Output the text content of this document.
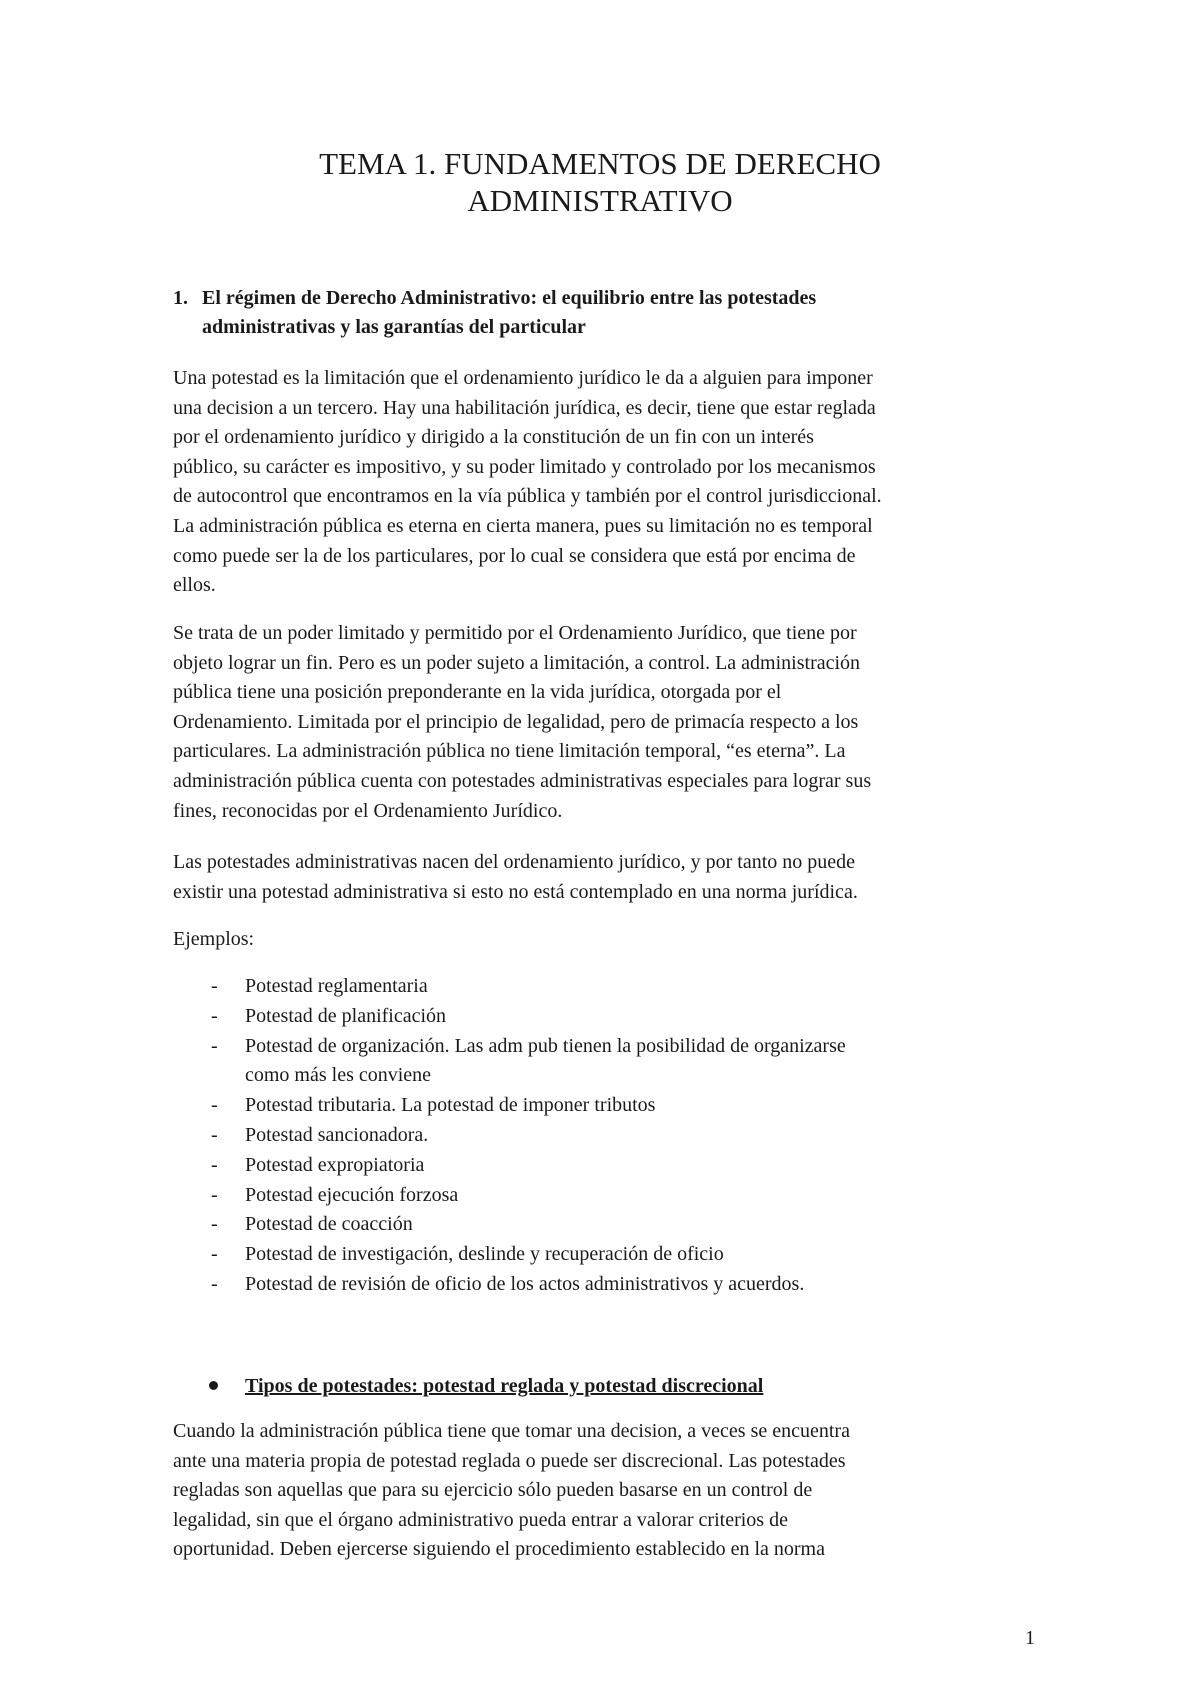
TEMA 1. FUNDAMENTOS DE DERECHO
ADMINISTRATIVO
1. El régimen de Derecho Administrativo: el equilibrio entre las potestades
administrativas y las garantías del particular

Una potestad es la limitación que el ordenamiento jurídico le da a alguien para imponer
una decision a un tercero. Hay una habilitación jurídica, es decir, tiene que estar reglada
por el ordenamiento jurídico y dirigido a la constitución de un fin con un interés
público, su carácter es impositivo, y su poder limitado y controlado por los mecanismos
de autocontrol que encontramos en la vía pública y también por el control jurisdiccional.
La administración pública es eterna en cierta manera, pues su limitación no es temporal
como puede ser la de los particulares, por lo cual se considera que está por encima de
ellos.

Se trata de un poder limitado y permitido por el Ordenamiento Jurídico, que tiene por
objeto lograr un fin. Pero es un poder sujeto a limitación, a control. La administración
pública tiene una posición preponderante en la vida jurídica, otorgada por el
Ordenamiento. Limitada por el principio de legalidad, pero de primacía respecto a los
particulares. La administración pública no tiene limitación temporal, “es eterna”. La
administración pública cuenta con potestades administrativas especiales para lograr sus
fines, reconocidas por el Ordenamiento Jurídico.

Las potestades administrativas nacen del ordenamiento jurídico, y por tanto no puede
existir una potestad administrativa si esto no está contemplado en una norma jurídica.

Ejemplos:

- Potestad reglamentaria
- Potestad de planificación
- Potestad de organización. Las adm pub tienen la posibilidad de organizarse
como más les conviene
- Potestad tributaria. La potestad de imponer tributos
- Potestad sancionadora.
- Potestad expropiatoria
- Potestad ejecución forzosa
- Potestad de coacción
- Potestad de investigación, deslinde y recuperación de oficio
- Potestad de revisión de oficio de los actos administrativos y acuerdos.
Tipos de potestades: potestad reglada y potestad discrecional

Cuando la administración pública tiene que tomar una decision, a veces se encuentra
ante una materia propia de potestad reglada o puede ser discrecional. Las potestades
regladas son aquellas que para su ejercicio sólo pueden basarse en un control de
legalidad, sin que el órgano administrativo pueda entrar a valorar criterios de
oportunidad. Deben ejercerse siguiendo el procedimiento establecido en la norma

1
